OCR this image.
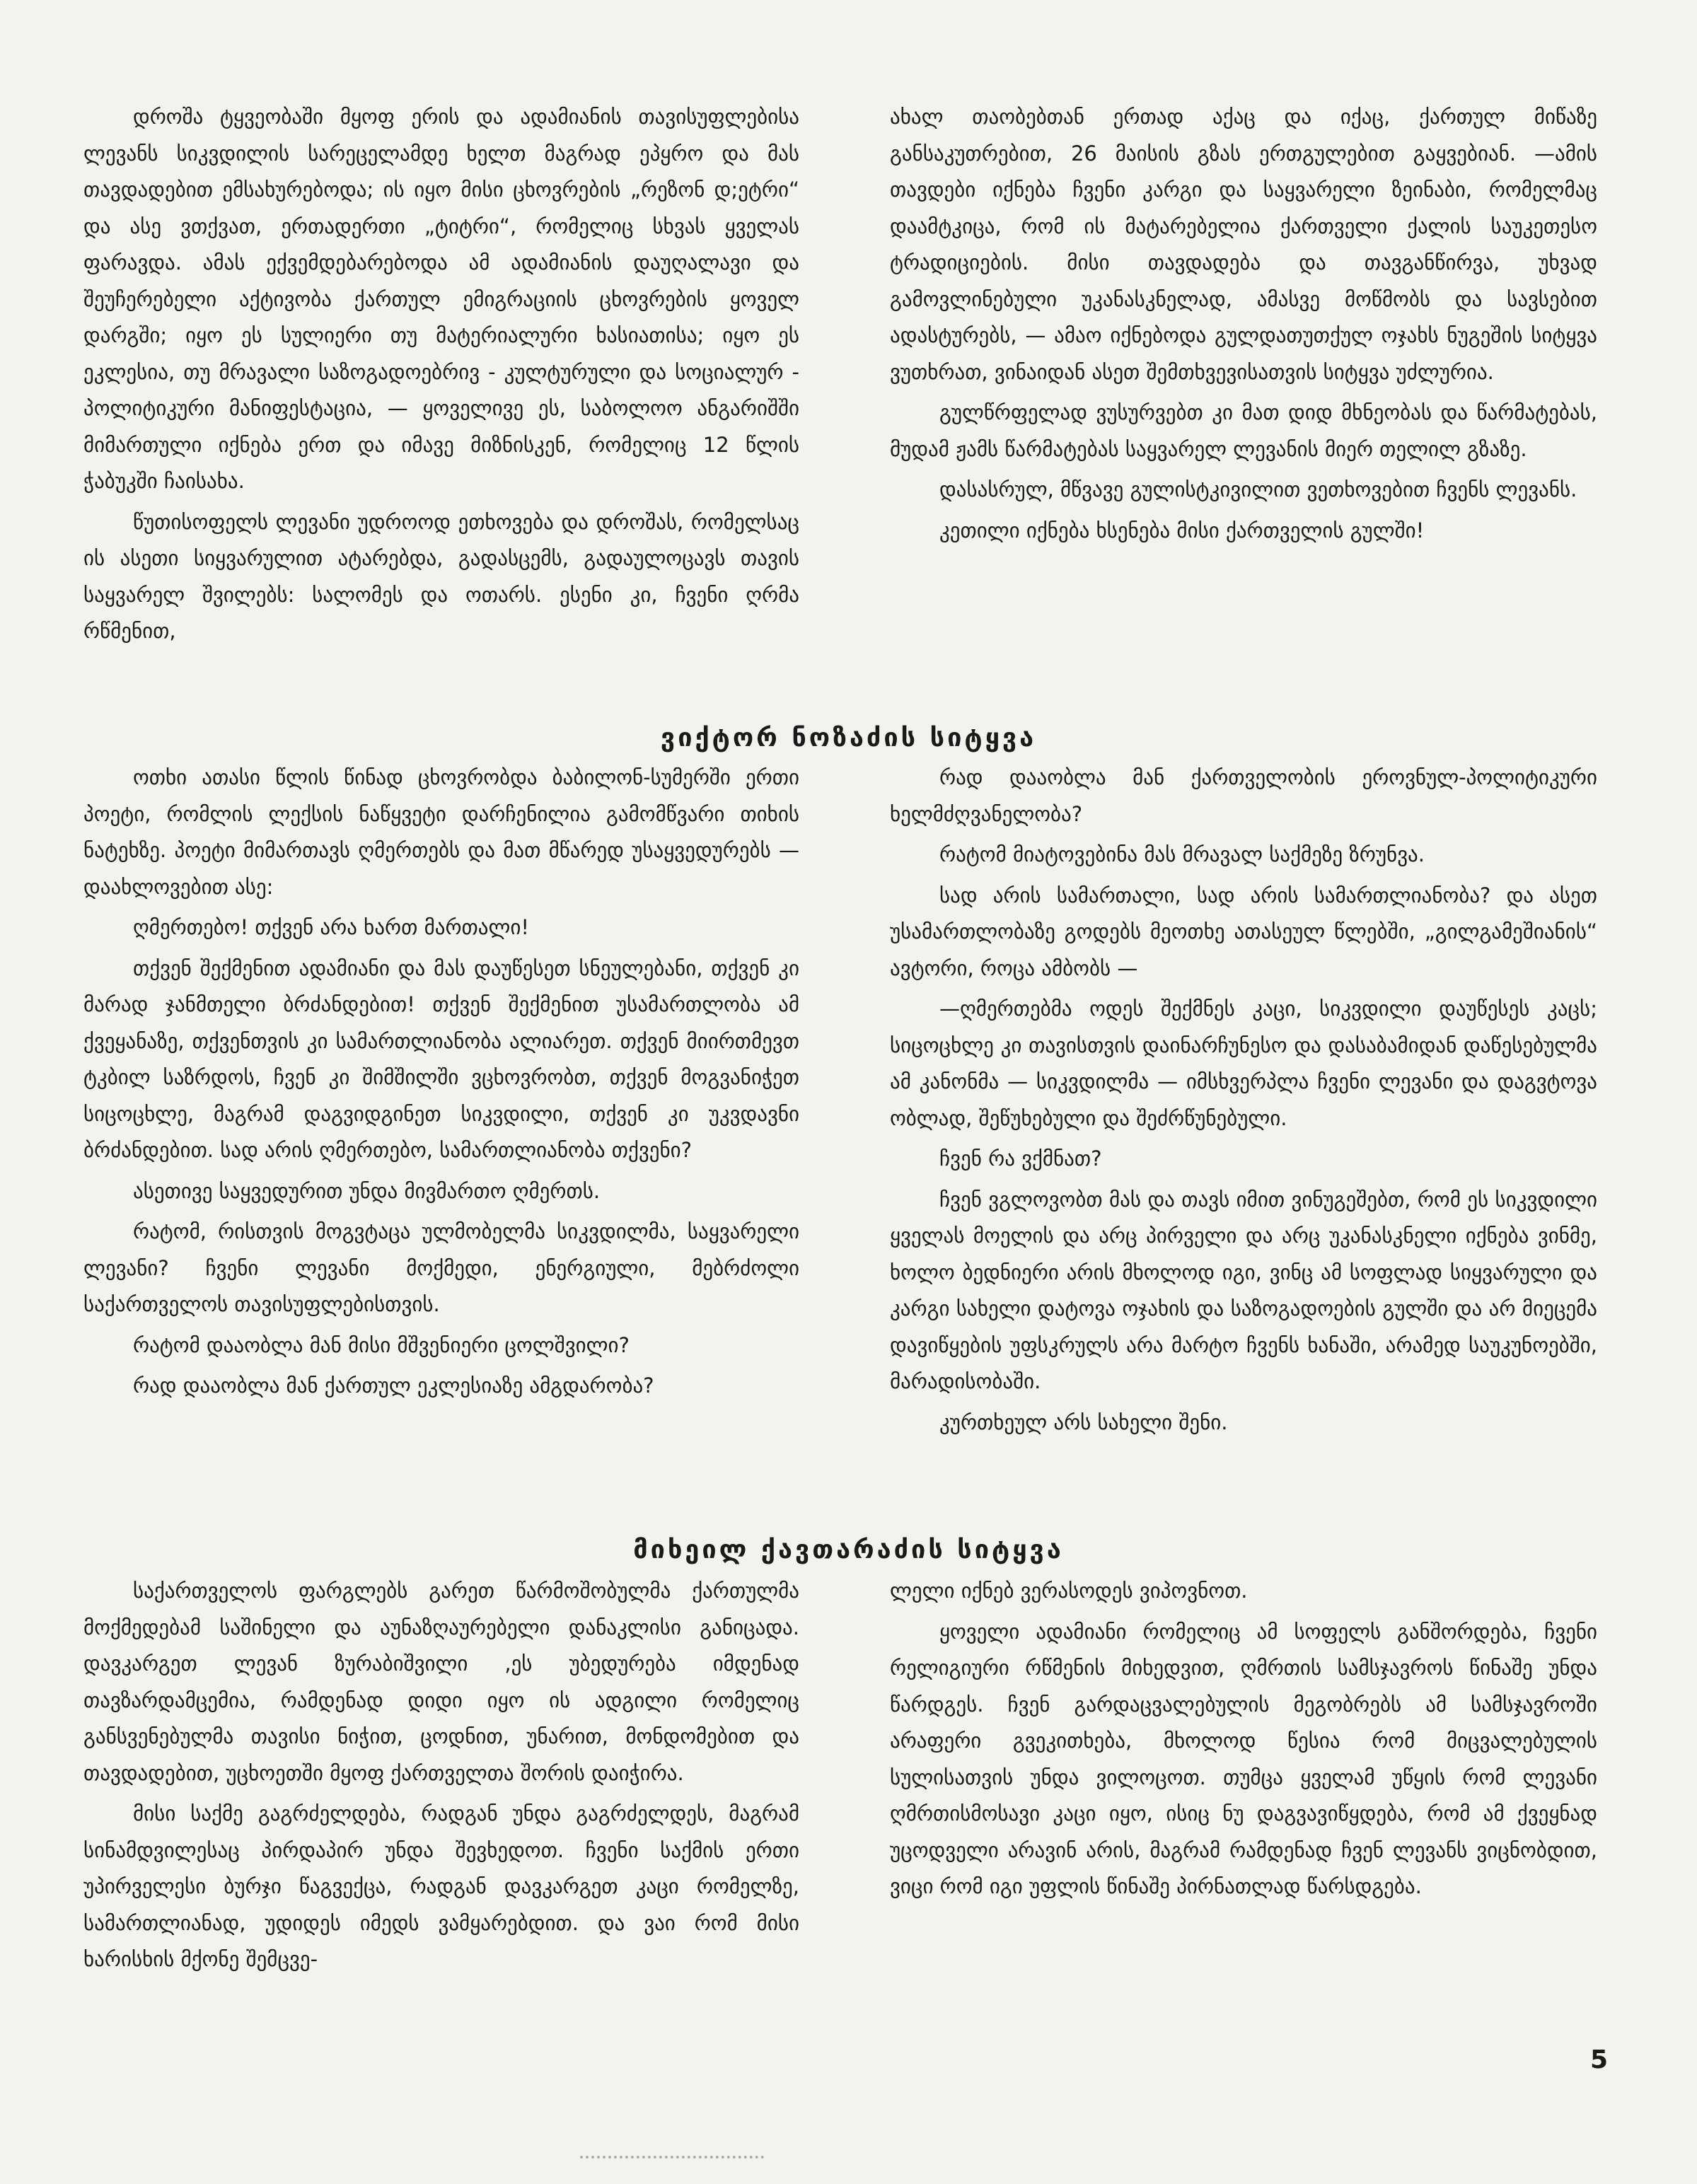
დროშა ტყვეობაში მყოფ ერის და ადამიანის თავისუფლებისა ლევანს სიკვდილის სარეცელამდე ხელთ მაგრად ეპყრო და მას თავდადებით ემსახურებოდა; ის იყო მისი ცხოვრების „რეზონ დ;ეტრი“ და ასე ვთქვათ, ერთადერთი „ტიტრი“, რომელიც სხვას ყველას ფარავდა. ამას ექვემდებარებოდა ამ ადამიანის დაუღალავი და შეუჩერებელი აქტივობა ქართულ ემიგრაციის ცხოვრების ყოველ დარგში; იყო ეს სულიერი თუ მატერიალური ხასიათისა; იყო ეს ეკლესია, თუ მრავალი საზოგადოებრივ - კულტურული და სოციალურ - პოლიტიკური მანიფესტაცია, — ყოველივე ეს, საბოლოო ანგარიშში მიმართული იქნება ერთ და იმავე მიზნისკენ, რომელიც 12 წლის ჭაბუკში ჩაისახა.

წუთისოფელს ლევანი უდროოდ ეთხოვება და დროშას, რომელსაც ის ასეთი სიყვარულით ატარებდა, გადასცემს, გადაულოცავს თავის საყვარელ შვილებს: სალომეს და ოთარს. ესენი კი, ჩვენი ღრმა რწმენით,

ახალ თაობებთან ერთად აქაც და იქაც, ქართულ მიწაზე განსაკუთრებით, 26 მაისის გზას ერთგულებით გაყვებიან. —ამის თავდები იქნება ჩვენი კარგი და საყვარელი ზეინაბი, რომელმაც დაამტკიცა, რომ ის მატარებელია ქართველი ქალის საუკეთესო ტრადიციების. მისი თავდადება და თავგანწირვა, უხვად გამოვლინებული უკანასკნელად, ამასვე მოწმობს და სავსებით ადასტურებს, — ამაო იქნებოდა გულდათუთქულ ოჯახს ნუგეშის სიტყვა ვუთხრათ, ვინაიდან ასეთ შემთხვევისათვის სიტყვა უძლურია.

გულწრფელად ვუსურვებთ კი მათ დიდ მხნეობას და წარმატებას, მუდამ ჟამს წარმატებას საყვარელ ლევანის მიერ თელილ გზაზე.

დასასრულ, მწვავე გულისტკივილით ვეთხოვებით ჩვენს ლევანს.

კეთილი იქნება ხსენება მისი ქართველის გულში!

ვიქტორ ნოზაძის სიტყვა

ოთხი ათასი წლის წინად ცხოვრობდა ბაბილონ-სუმერში ერთი პოეტი, რომლის ლექსის ნაწყვეტი დარჩენილია გამომწვარი თიხის ნატეხზე. პოეტი მიმართავს ღმერთებს და მათ მწარედ უსაყვედურებს — დაახლოვებით ასე:

ღმერთებო! თქვენ არა ხართ მართალი!

თქვენ შექმენით ადამიანი და მას დაუწესეთ სნეულებანი, თქვენ კი მარად ჯანმთელი ბრძანდებით! თქვენ შექმენით უსამართლობა ამ ქვეყანაზე, თქვენთვის კი სამართლიანობა ალიარეთ. თქვენ მიირთმევთ ტკბილ საზრდოს, ჩვენ კი შიმშილში ვცხოვრობთ, თქვენ მოგვანიჭეთ სიცოცხლე, მაგრამ დაგვიდგინეთ სიკვდილი, თქვენ კი უკვდავნი ბრძანდებით. სად არის ღმერთებო, სამართლიანობა თქვენი?

ასეთივე საყვედურით უნდა მივმართო ღმერთს.

რატომ, რისთვის მოგვტაცა ულმობელმა სიკვდილმა, საყვარელი ლევანი? ჩვენი ლევანი მოქმედი, ენერგიული, მებრძოლი საქართველოს თავისუფლებისთვის.

რატომ დააობლა მან მისი მშვენიერი ცოლშვილი?

რად დააობლა მან ქართულ ეკლესიაზე ამგდარობა?

რად დააობლა მან ქართველობის ეროვნულ-პოლიტიკური ხელმძღვანელობა?

რატომ მიატოვებინა მას მრავალ საქმეზე ზრუნვა.

სად არის სამართალი, სად არის სამართლიანობა? და ასეთ უსამართლობაზე გოდებს მეოთხე ათასეულ წლებში, „გილგამეშიანის“ ავტორი, როცა ამბობს —

—ღმერთებმა ოდეს შექმნეს კაცი, სიკვდილი დაუწესეს კაცს; სიცოცხლე კი თავისთვის დაინარჩუნესო და დასაბამიდან დაწესებულმა ამ კანონმა — სიკვდილმა — იმსხვერპლა ჩვენი ლევანი და დაგვტოვა ობლად, შეწუხებული და შეძრწუნებული.

ჩვენ რა ვქმნათ?

ჩვენ ვგლოვობთ მას და თავს იმით ვინუგეშებთ, რომ ეს სიკვდილი ყველას მოელის და არც პირველი და არც უკანასკნელი იქნება ვინმე, ხოლო ბედნიერი არის მხოლოდ იგი, ვინც ამ სოფლად სიყვარული და კარგი სახელი დატოვა ოჯახის და საზოგადოების გულში და არ მიეცემა დავიწყების უფსკრულს არა მარტო ჩვენს ხანაში, არამედ საუკუნოებში, მარადისობაში.

კურთხეულ არს სახელი შენი.

მიხეილ ქავთარაძის სიტყვა

საქართველოს ფარგლებს გარეთ წარმოშობულმა ქართულმა მოქმედებამ საშინელი და აუნაზღაურებელი დანაკლისი განიცადა. დავკარგეთ ლევან ზურაბიშვილი ,ეს უბედურება იმდენად თავზარდამცემია, რამდენად დიდი იყო ის ადგილი რომელიც განსვენებულმა თავისი ნიჭით, ცოდნით, უნარით, მონდომებით და თავდადებით, უცხოეთში მყოფ ქართველთა შორის დაიჭირა.

მისი საქმე გაგრძელდება, რადგან უნდა გაგრძელდეს, მაგრამ სინამდვილესაც პირდაპირ უნდა შევხედოთ. ჩვენი საქმის ერთი უპირველესი ბურჯი წაგვექცა, რადგან დავკარგეთ კაცი რომელზე, სამართლიანად, უდიდეს იმედს ვამყარებდით. და ვაი რომ მისი ხარისხის მქონე შემცვე-

ლელი იქნებ ვერასოდეს ვიპოვნოთ.

ყოველი ადამიანი რომელიც ამ სოფელს განშორდება, ჩვენი რელიგიური რწმენის მიხედვით, ღმრთის სამსჯავროს წინაშე უნდა წარდგეს. ჩვენ გარდაცვალებულის მეგობრებს ამ სამსჯავროში არაფერი გვეკითხება, მხოლოდ წესია რომ მიცვალებულის სულისათვის უნდა ვილოცოთ. თუმცა ყველამ უწყის რომ ლევანი ღმრთისმოსავი კაცი იყო, ისიც ნუ დაგვავიწყდება, რომ ამ ქვეყნად უცოდველი არავინ არის, მაგრამ რამდენად ჩვენ ლევანს ვიცნობდით, ვიცი რომ იგი უფლის წინაშე პირნათლად წარსდგება.

5
